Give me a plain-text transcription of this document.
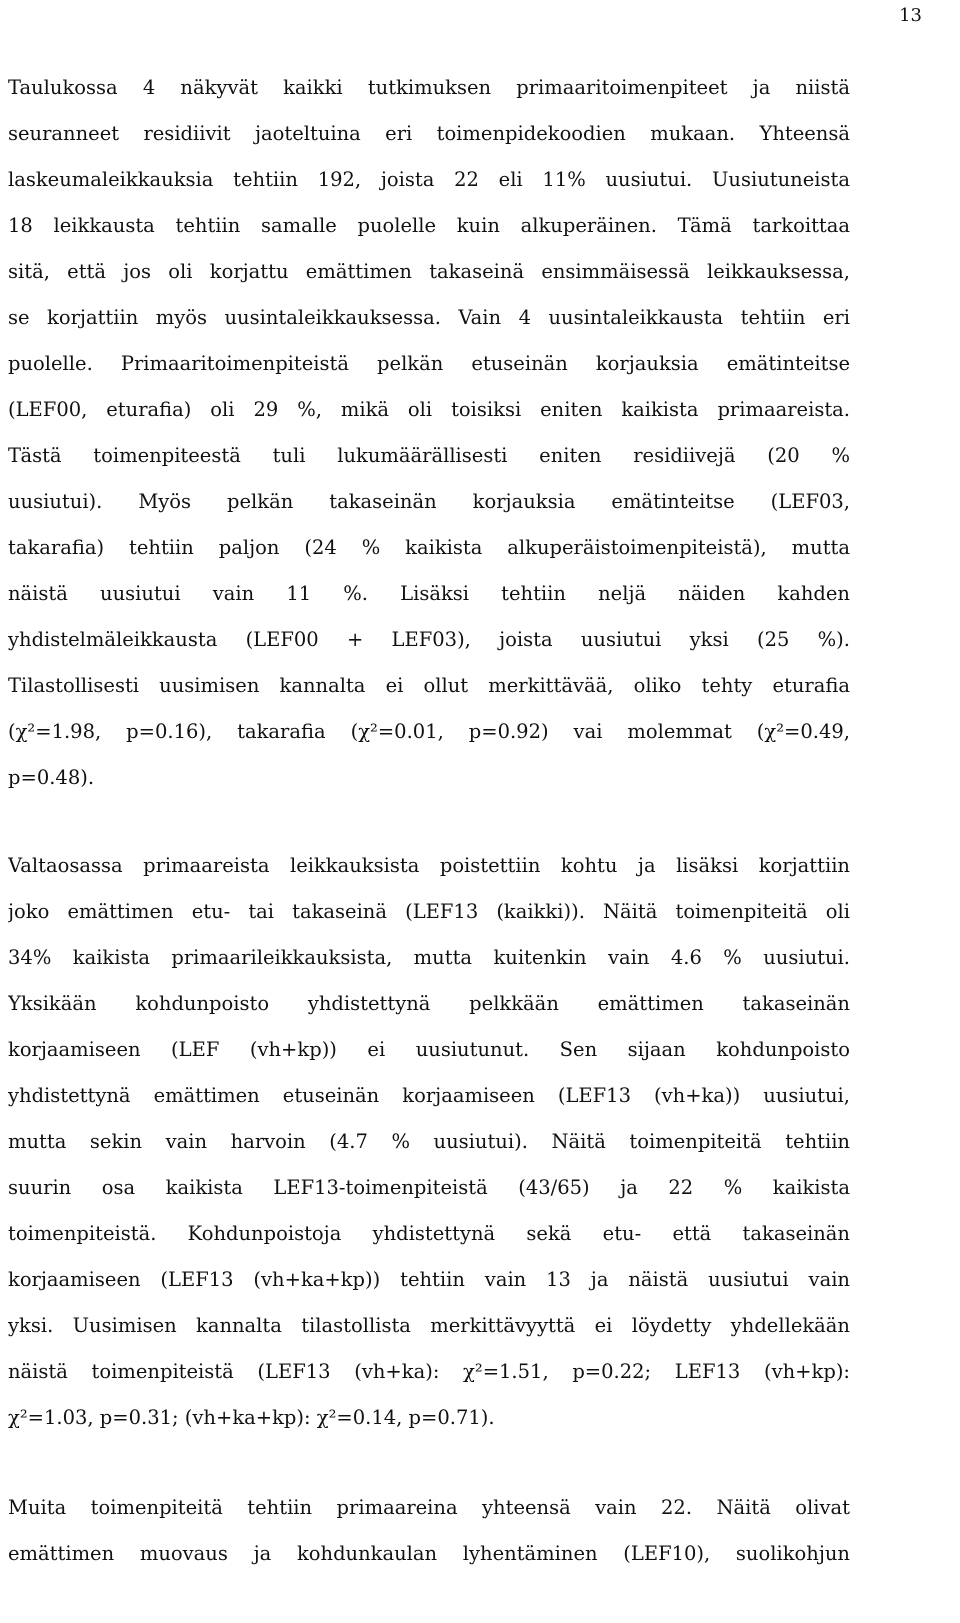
13
Taulukossa 4 näkyvät kaikki tutkimuksen primaaritoimenpiteet ja niistä
seuranneet residiivit jaoteltuina eri toimenpidekoodien mukaan. Yhteensä
laskeumaleikkauksia tehtiin 192, joista 22 eli 11% uusiutui. Uusiutuneista
18 leikkausta tehtiin samalle puolelle kuin alkuperäinen. Tämä tarkoittaa
sitä, että jos oli korjattu emättimen takaseinä ensimmäisessä leikkauksessa,
se korjattiin myös uusintaleikkauksessa. Vain 4 uusintaleikkausta tehtiin eri
puolelle. Primaaritoimenpiteistä pelkän etuseinän korjauksia emätinteitse
(LEF00, eturafia) oli 29 %, mikä oli toisiksi eniten kaikista primaareista.
Tästä toimenpiteestä tuli lukumäärällisesti eniten residiivejä (20 %
uusiutui). Myös pelkän takaseinän korjauksia emätinteitse (LEF03,
takarafia) tehtiin paljon (24 % kaikista alkuperäistoimenpiteistä), mutta
näistä uusiutui vain 11 %. Lisäksi tehtiin neljä näiden kahden
yhdistelmäleikkausta (LEF00 + LEF03), joista uusiutui yksi (25 %).
Tilastollisesti uusimisen kannalta ei ollut merkittävää, oliko tehty eturafia
(χ²=1.98, p=0.16), takarafia (χ²=0.01, p=0.92) vai molemmat (χ²=0.49,
p=0.48).
Valtaosassa primaareista leikkauksista poistettiin kohtu ja lisäksi korjattiin
joko emättimen etu- tai takaseinä (LEF13 (kaikki)). Näitä toimenpiteitä oli
34% kaikista primaarileikkauksista, mutta kuitenkin vain 4.6 % uusiutui.
Yksikään kohdunpoisto yhdistettynä pelkkään emättimen takaseinän
korjaamiseen (LEF (vh+kp)) ei uusiutunut. Sen sijaan kohdunpoisto
yhdistettynä emättimen etuseinän korjaamiseen (LEF13 (vh+ka)) uusiutui,
mutta sekin vain harvoin (4.7 % uusiutui). Näitä toimenpiteitä tehtiin
suurin osa kaikista LEF13-toimenpiteistä (43/65) ja 22 % kaikista
toimenpiteistä. Kohdunpoistoja yhdistettynä sekä etu- että takaseinän
korjaamiseen (LEF13 (vh+ka+kp)) tehtiin vain 13 ja näistä uusiutui vain
yksi. Uusimisen kannalta tilastollista merkittävyyttä ei löydetty yhdellekään
näistä toimenpiteistä (LEF13 (vh+ka): χ²=1.51, p=0.22; LEF13 (vh+kp):
χ²=1.03, p=0.31; (vh+ka+kp): χ²=0.14, p=0.71).
Muita toimenpiteitä tehtiin primaareina yhteensä vain 22. Näitä olivat
emättimen muovaus ja kohdunkaulan lyhentäminen (LEF10), suolikohjun
